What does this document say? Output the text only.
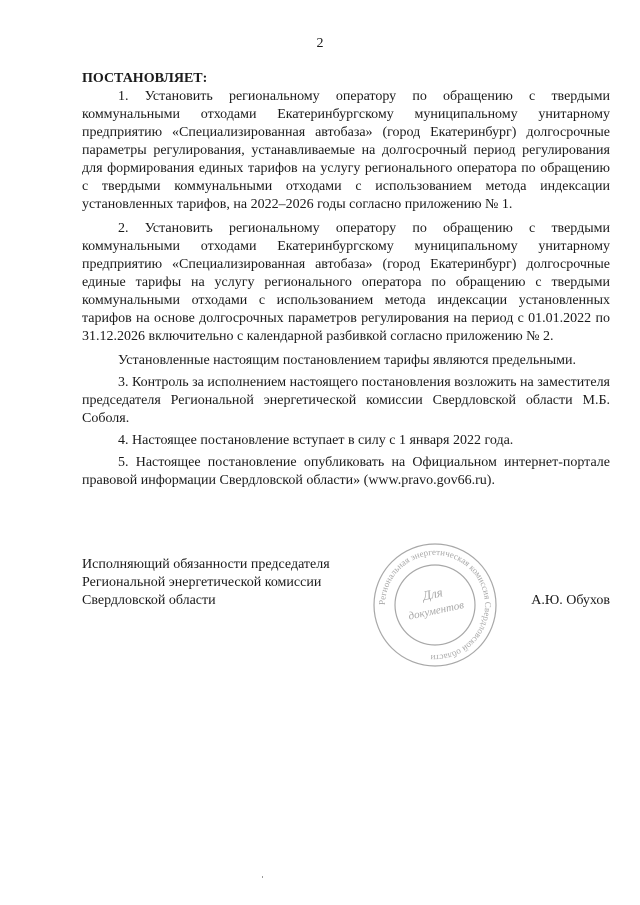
2

ПОСТАНОВЛЯЕТ:

1. Установить региональному оператору по обращению с твердыми коммунальными отходами Екатеринбургскому муниципальному унитарному предприятию «Специализированная автобаза» (город Екатеринбург) долгосрочные параметры регулирования, устанавливаемые на долгосрочный период регулирования для формирования единых тарифов на услугу регионального оператора по обращению с твердыми коммунальными отходами с использованием метода индексации установленных тарифов, на 2022–2026 годы согласно приложению № 1.

2. Установить региональному оператору по обращению с твердыми коммунальными отходами Екатеринбургскому муниципальному унитарному предприятию «Специализированная автобаза» (город Екатеринбург) долгосрочные единые тарифы на услугу регионального оператора по обращению с твердыми коммунальными отходами с использованием метода индексации установленных тарифов на основе долгосрочных параметров регулирования на период с 01.01.2022 по 31.12.2026 включительно с календарной разбивкой согласно приложению № 2.

Установленные настоящим постановлением тарифы являются предельными.

3. Контроль за исполнением настоящего постановления возложить на заместителя председателя Региональной энергетической комиссии Свердловской области М.Б. Соболя.

4. Настоящее постановление вступает в силу с 1 января 2022 года.

5. Настоящее постановление опубликовать на Официальном интернет-портале правовой информации Свердловской области» (www.pravo.gov66.ru).

Исполняющий обязанности председателя
Региональной энергетической комиссии
Свердловской области	А.Ю. Обухов
Региональная энергетическая комиссия Свердловской области
Для
документов
